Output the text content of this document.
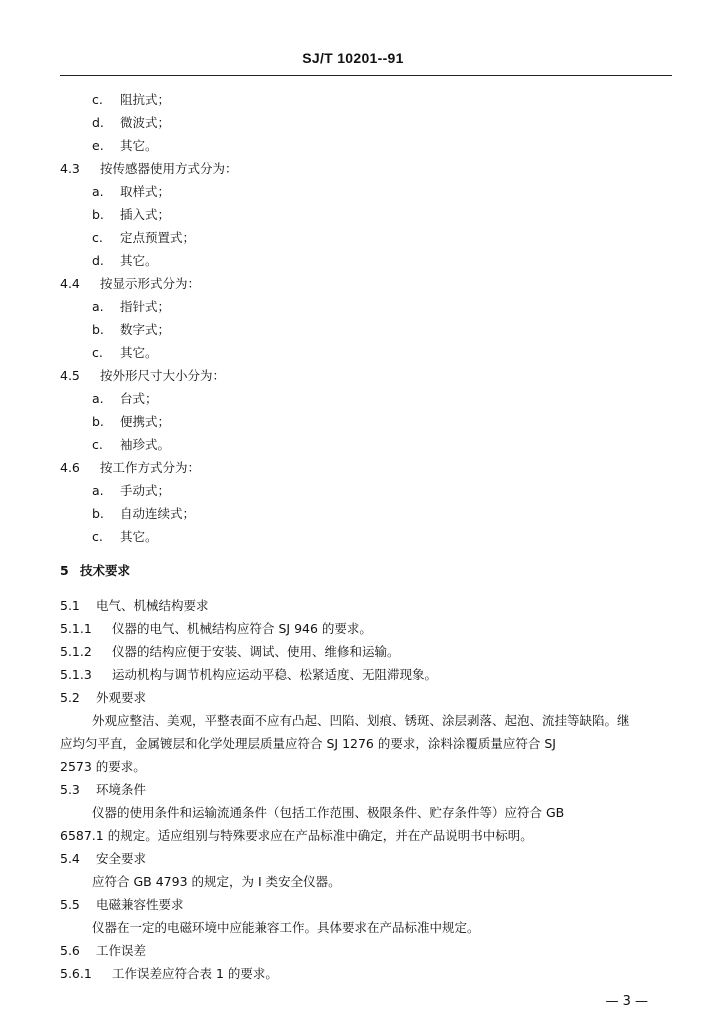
SJ/T 10201--91
c. 阻抗式；
d. 微波式；
e. 其它。
4.3 按传感器使用方式分为：
a. 取样式；
b. 插入式；
c. 定点预置式；
d. 其它。
4.4 按显示形式分为：
a. 指针式；
b. 数字式；
c. 其它。
4.5 按外形尺寸大小分为：
a. 台式；
b. 便携式；
c. 袖珍式。
4.6 按工作方式分为：
a. 手动式；
b. 自动连续式；
c. 其它。
5 技术要求
5.1 电气、机械结构要求
5.1.1 仪器的电气、机械结构应符合 SJ 946 的要求。
5.1.2 仪器的结构应便于安装、调试、使用、维修和运输。
5.1.3 运动机构与调节机构应运动平稳、松紧适度、无阻滞现象。
5.2 外观要求
外观应整洁、美观，平整表面不应有凸起、凹陷、划痕、锈斑、涂层剥落、起泡、流挂等缺陷。继
应均匀平直，金属镀层和化学处理层质量应符合 SJ 1276 的要求，涂料涂覆质量应符合 SJ
2573 的要求。
5.3 环境条件
仪器的使用条件和运输流通条件（包括工作范围、极限条件、贮存条件等）应符合 GB
6587.1 的规定。适应组别与特殊要求应在产品标准中确定，并在产品说明书中标明。
5.4 安全要求
应符合 GB 4793 的规定，为 I 类安全仪器。
5.5 电磁兼容性要求
仪器在一定的电磁环境中应能兼容工作。具体要求在产品标准中规定。
5.6 工作误差
5.6.1 工作误差应符合表 1 的要求。
— 3 —
